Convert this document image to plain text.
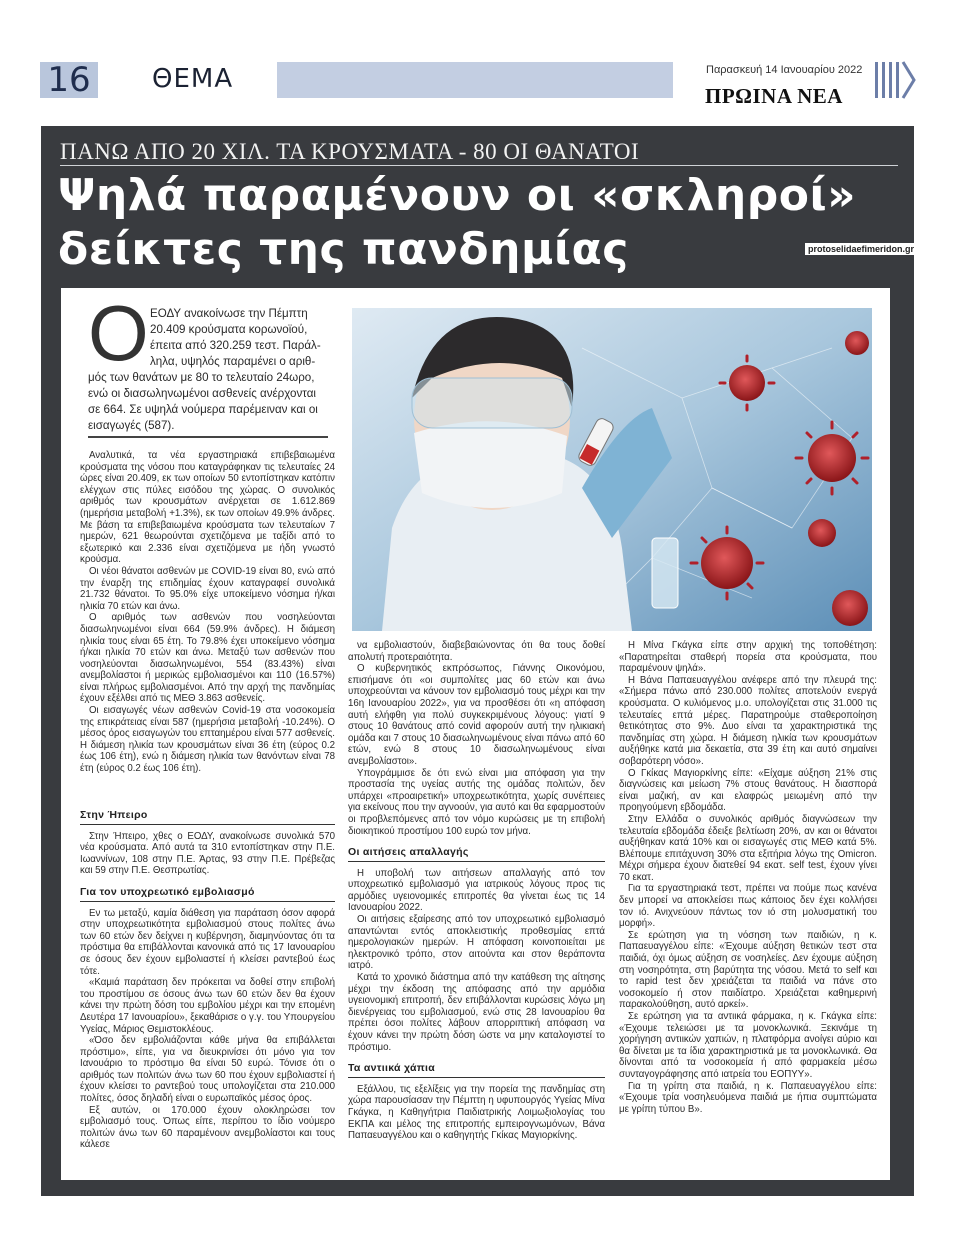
16 ΘΕΜΑ	Παρασκευή 14 Ιανουαρίου 2022
ΠΡΩΙΝΑ ΝΕΑ
ΠΑΝΩ ΑΠΟ 20 ΧΙΛ. ΤΑ ΚΡΟΥΣΜΑΤΑ - 80 ΟΙ ΘΑΝΑΤΟΙ
Ψηλά παραμένουν οι «σκληροί»
δείκτες της πανδημίας	protoselidaefimeridon.gr
Ο ΕΟΔΥ ανακοίνωσε την Πέμπτη
20.409 κρούσματα κορωνοϊού,
έπειτα από 320.259 τεστ. Παράλ-
ληλα, υψηλός παραμένει ο αριθ-
μός των θανάτων με 80 το τελευταίο 24ωρο,
ενώ οι διασωληνωμένοι ασθενείς ανέρχονται
σε 664. Σε υψηλά νούμερα παρέμειναν και οι
εισαγωγές (587).

Αναλυτικά, τα νέα εργαστηριακά επιβεβαιωμένα κρούσματα της νόσου που καταγράφηκαν τις τελευταίες 24 ώρες είναι 20.409, εκ των οποίων 50 εντοπίστηκαν κατόπιν ελέγχων στις πύλες εισόδου της χώρας. Ο συνολικός αριθμός των κρουσμάτων ανέρχεται σε 1.612.869 (ημερήσια μεταβολή +1.3%), εκ των οποίων 49.9% άνδρες. Με βάση τα επιβεβαιωμένα κρούσματα των τελευταίων 7 ημερών, 621 θεωρούνται σχετιζόμενα με ταξίδι από το εξωτερικό και 2.336 είναι σχετιζόμενα με ήδη γνωστό κρούσμα.

Οι νέοι θάνατοι ασθενών με COVID-19 είναι 80, ενώ από την έναρξη της επιδημίας έχουν καταγραφεί συνολικά 21.732 θάνατοι. Το 95.0% είχε υποκείμενο νόσημα ή/και ηλικία 70 ετών και άνω.

Ο αριθμός των ασθενών που νοσηλεύονται διασωληνωμένοι είναι 664 (59.9% άνδρες). Η διάμεση ηλικία τους είναι 65 έτη. Το 79.8% έχει υποκείμενο νόσημα ή/και ηλικία 70 ετών και άνω. Μεταξύ των ασθενών που νοσηλεύονται διασωληνωμένοι, 554 (83.43%) είναι ανεμβολίαστοι ή μερικώς εμβολιασμένοι και 110 (16.57%) είναι πλήρως εμβολιασμένοι. Από την αρχή της πανδημίας έχουν εξέλθει από τις ΜΕΘ 3.863 ασθενείς.

Οι εισαγωγές νέων ασθενών Covid-19 στα νοσοκομεία της επικράτειας είναι 587 (ημερήσια μεταβολή -10.24%). Ο μέσος όρος εισαγωγών του επταημέρου είναι 577 ασθενείς. Η διάμεση ηλικία των κρουσμάτων είναι 36 έτη (εύρος 0.2 έως 106 έτη), ενώ η διάμεση ηλικία των θανόντων είναι 78 έτη (εύρος 0.2 έως 106 έτη).

Στην Ήπειρο

Στην Ήπειρο, χθες ο ΕΟΔΥ, ανακοίνωσε συνολικά 570 νέα κρούσματα. Από αυτά τα 310 εντοπίστηκαν στην Π.Ε. Ιωαννίνων, 108 στην Π.Ε. Άρτας, 93 στην Π.Ε. Πρέβεζας και 59 στην Π.Ε. Θεσπρωτίας.

Για τον υποχρεωτικό εμβολιασμό

Εν τω μεταξύ, καμία διάθεση για παράταση όσον αφορά στην υποχρεωτικότητα εμβολιασμού στους πολίτες άνω των 60 ετών δεν δείχνει η κυβέρνηση, διαμηνύοντας ότι τα πρόστιμα θα επιβάλλονται κανονικά από τις 17 Ιανουαρίου σε όσους δεν έχουν εμβολιαστεί ή κλείσει ραντεβού έως τότε.

«Καμιά παράταση δεν πρόκειται να δοθεί στην επιβολή του προστίμου σε όσους άνω των 60 ετών δεν θα έχουν κάνει την πρώτη δόση του εμβολίου μέχρι και την επομένη Δευτέρα 17 Ιανουαρίου», ξεκαθάρισε ο γ.γ. του Υπουργείου Υγείας, Μάριος Θεμιστοκλέους.

«Όσο δεν εμβολιάζονται κάθε μήνα θα επιβάλλεται πρόστιμο», είπε, για να διευκρινίσει ότι μόνο για τον Ιανουάριο το πρόστιμο θα είναι 50 ευρώ. Τόνισε ότι ο αριθμός των πολιτών άνω των 60 που έχουν εμβολιαστεί ή έχουν κλείσει το ραντεβού τους υπολογίζεται στα 210.000 πολίτες, όσος δηλαδή είναι ο ευρωπαϊκός μέσος όρος.

Εξ αυτών, οι 170.000 έχουν ολοκληρώσει τον εμβολιασμό τους. Όπως είπε, περίπου το ίδιο νούμερο πολιτών άνω των 60 παραμένουν ανεμβολίαστοι και τους κάλεσε

να εμβολιαστούν, διαβεβαιώνοντας ότι θα τους δοθεί απολυτή προτεραιότητα.

Ο κυβερνητικός εκπρόσωπος, Γιάννης Οικονόμου, επισήμανε ότι «οι συμπολίτες μας 60 ετών και άνω υποχρεούνται να κάνουν τον εμβολιασμό τους μέχρι και την 16η Ιανουαρίου 2022», για να προσθέσει ότι «η απόφαση αυτή ελήφθη για πολύ συγκεκριμένους λόγους: γιατί 9 στους 10 θανάτους από covid αφορούν αυτή την ηλικιακή ομάδα και 7 στους 10 διασωληνωμένους είναι πάνω από 60 ετών, ενώ 8 στους 10 διασωληνωμένους είναι ανεμβολίαστοι».

Υπογράμμισε δε ότι ενώ είναι μια απόφαση για την προστασία της υγείας αυτής της ομάδας πολιτών, δεν υπάρχει «προαιρετική» υποχρεωτικότητα, χωρίς συνέπειες για εκείνους που την αγνοούν, για αυτό και θα εφαρμοστούν οι προβλεπόμενες από τον νόμο κυρώσεις με τη επιβολή διοικητικού προστίμου 100 ευρώ τον μήνα.

Οι αιτήσεις απαλλαγής

Η υποβολή των αιτήσεων απαλλαγής από τον υποχρεωτικό εμβολιασμό για ιατρικούς λόγους προς τις αρμόδιες υγειονομικές επιτροπές θα γίνεται έως τις 14 Ιανουαρίου 2022.

Οι αιτήσεις εξαίρεσης από τον υποχρεωτικό εμβολιασμό απαντώνται εντός αποκλειστικής προθεσμίας επτά ημερολογιακών ημερών. Η απόφαση κοινοποιείται με ηλεκτρονικό τρόπο, στον αιτούντα και στον θεράποντα ιατρό.

Κατά το χρονικό διάστημα από την κατάθεση της αίτησης μέχρι την έκδοση της απόφασης από την αρμόδια υγειονομική επιτροπή, δεν επιβάλλονται κυρώσεις λόγω μη διενέργειας του εμβολιασμού, ενώ στις 28 Ιανουαρίου θα πρέπει όσοι πολίτες λάβουν απορριπτική απόφαση να έχουν κάνει την πρώτη δόση ώστε να μην καταλογιστεί το πρόστιμο.

Τα αντιικά χάπια

Εξάλλου, τις εξελίξεις για την πορεία της πανδημίας στη χώρα παρουσίασαν την Πέμπτη η υφυπουργός Υγείας Μίνα Γκάγκα, η Καθηγήτρια Παιδιατρικής Λοιμωξιολογίας του ΕΚΠΑ και μέλος της επιτροπής εμπειρογνωμόνων, Βάνα Παπαευαγγέλου και ο καθηγητής Γκίκας Μαγιορκίνης.

Η Μίνα Γκάγκα είπε στην αρχική της τοποθέτηση: «Παρατηρείται σταθερή πορεία στα κρούσματα, που παραμένουν ψηλά».

Η Βάνα Παπαευαγγέλου ανέφερε από την πλευρά της: «Σήμερα πάνω από 230.000 πολίτες αποτελούν ενεργά κρούσματα. Ο κυλιόμενος μ.ο. υπολογίζεται στις 31.000 τις τελευταίες επτά μέρες. Παρατηρούμε σταθεροποίηση θετικότητας στο 9%. Δυο είναι τα χαρακτηριστικά της πανδημίας στη χώρα. Η διάμεση ηλικία των κρουσμάτων αυξήθηκε κατά μια δεκαετία, στα 39 έτη και αυτό σημαίνει σοβαρότερη νόσο».

Ο Γκίκας Μαγιορκίνης είπε: «Είχαμε αύξηση 21% στις διαγνώσεις και μείωση 7% στους θανάτους. Η διασπορά είναι μαζική, αν και ελαφρώς μειωμένη από την προηγούμενη εβδομάδα.

Στην Ελλάδα ο συνολικός αριθμός διαγνώσεων την τελευταία εβδομάδα έδειξε βελτίωση 20%, αν και οι θάνατοι αυξήθηκαν κατά 10% και οι εισαγωγές στις ΜΕΘ κατά 5%. Βλέπουμε επιτάχυνση 30% στα εξιτήρια λόγω της Omicron. Μέχρι σήμερα έχουν διατεθεί 94 εκατ. self test, έχουν γίνει 70 εκατ.

Για τα εργαστηριακά τεστ, πρέπει να πούμε πως κανένα δεν μπορεί να αποκλείσει πως κάποιος δεν έχει κολλήσει τον ιό. Ανιχνεύουν πάντως τον ιό στη μολυσματική του μορφή».

Σε ερώτηση για τη νόσηση των παιδιών, η κ. Παπαευαγγέλου είπε: «Έχουμε αύξηση θετικών τεστ στα παιδιά, όχι όμως αύξηση σε νοσηλείες. Δεν έχουμε αύξηση στη νοσηρότητα, στη βαρύτητα της νόσου. Μετά το self και το rapid test δεν χρειάζεται τα παιδιά να πάνε στο νοσοκομείο ή στον παιδίατρο. Χρειάζεται καθημερινή παρακολούθηση, αυτό αρκεί».

Σε ερώτηση για τα αντιικά φάρμακα, η κ. Γκάγκα είπε: «Έχουμε τελειώσει με τα μονοκλωνικά. Ξεκινάμε τη χορήγηση αντιικών χαπιών, η πλατφόρμα ανοίγει αύριο και θα δίνεται με τα ίδια χαρακτηριστικά με τα μονοκλωνικά. Θα δίνονται από τα νοσοκομεία ή από φαρμακεία μέσω συνταγογράφησης από ιατρεία του ΕΟΠΥΥ».

Για τη γρίπη στα παιδιά, η κ. Παπαευαγγέλου είπε: «Έχουμε τρία νοσηλευόμενα παιδιά με ήπια συμπτώματα με γρίπη τύπου Β».
